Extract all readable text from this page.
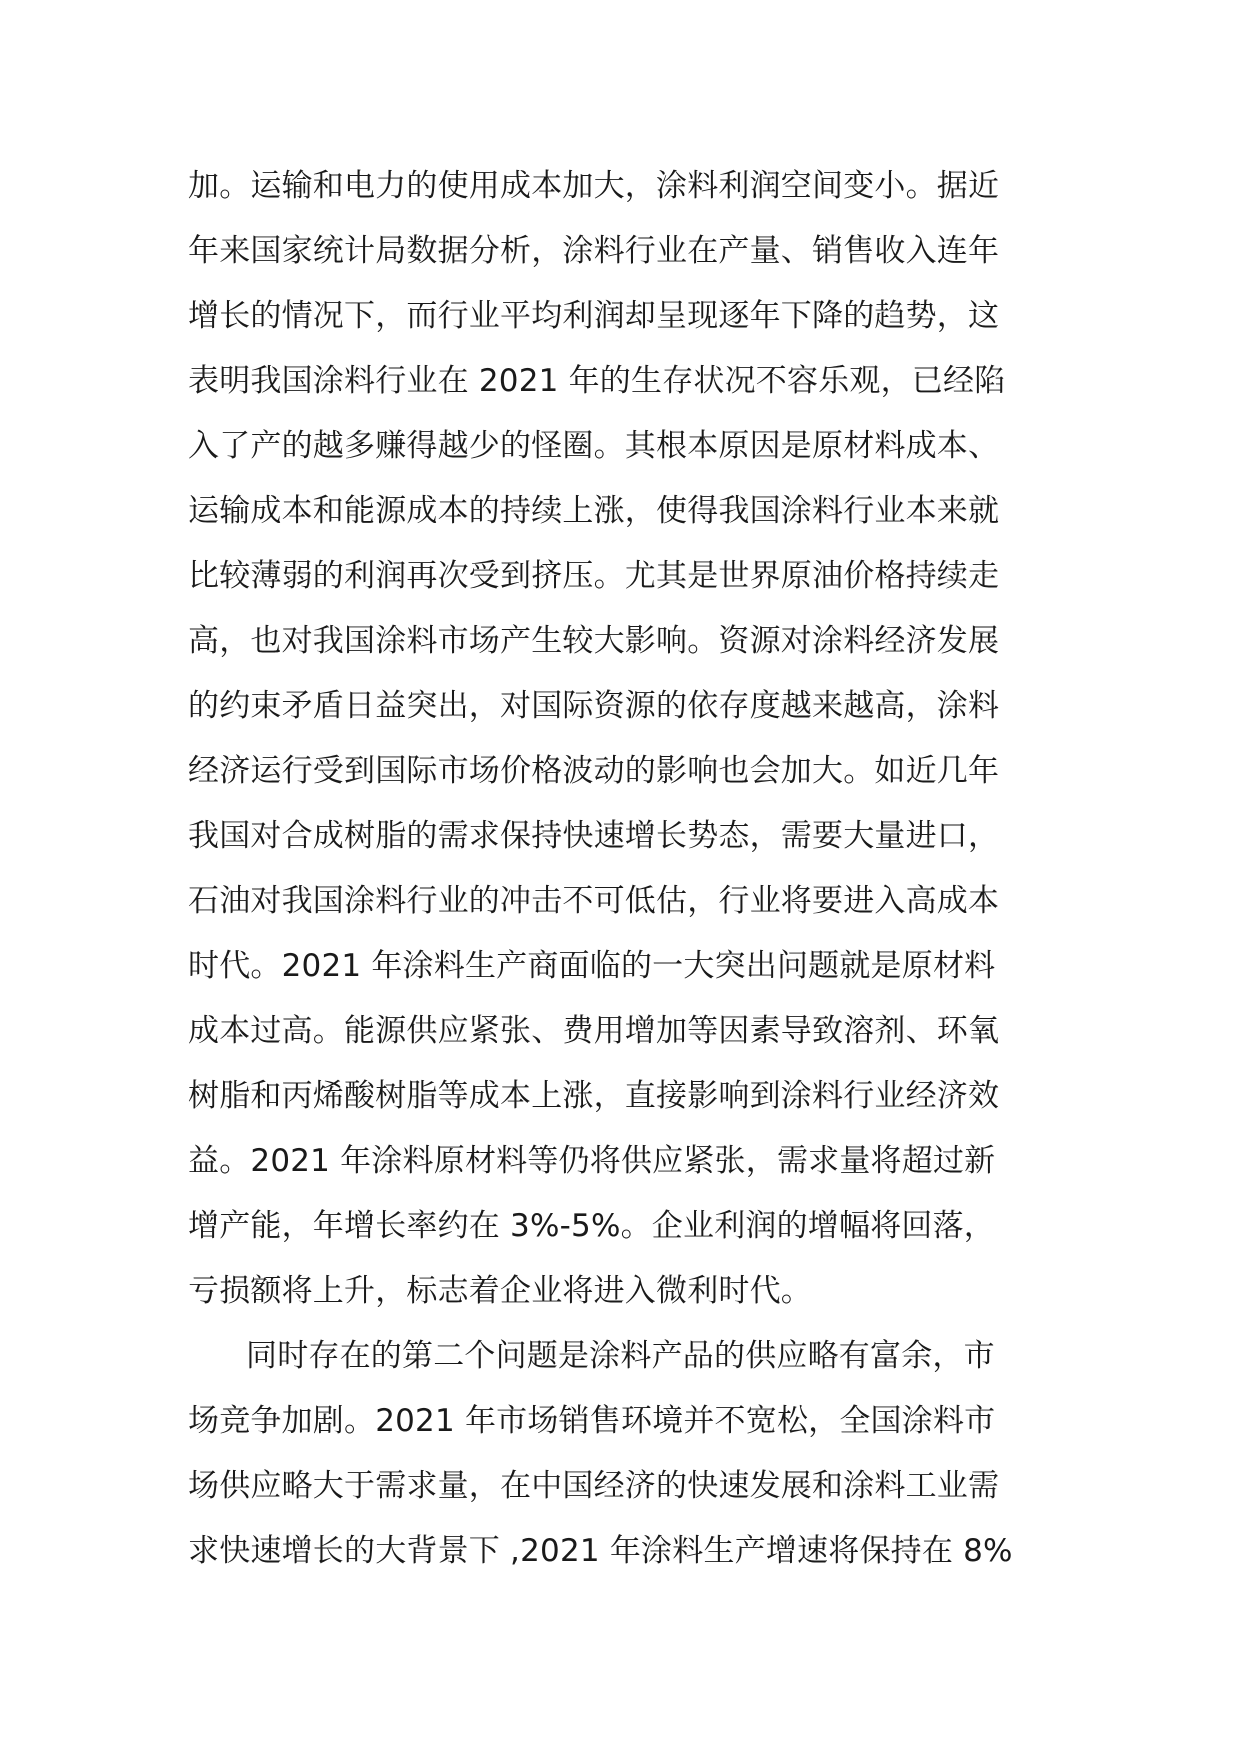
加。运输和电力的使用成本加大，涂料利润空间变小。据近
年来国家统计局数据分析，涂料行业在产量、销售收入连年
增长的情况下，而行业平均利润却呈现逐年下降的趋势，这
表明我国涂料行业在 2021 年的生存状况不容乐观，已经陷
入了产的越多赚得越少的怪圈。其根本原因是原材料成本、
运输成本和能源成本的持续上涨，使得我国涂料行业本来就
比较薄弱的利润再次受到挤压。尤其是世界原油价格持续走
高，也对我国涂料市场产生较大影响。资源对涂料经济发展
的约束矛盾日益突出，对国际资源的依存度越来越高，涂料
经济运行受到国际市场价格波动的影响也会加大。如近几年
我国对合成树脂的需求保持快速增长势态，需要大量进口，
石油对我国涂料行业的冲击不可低估，行业将要进入高成本
时代。2021 年涂料生产商面临的一大突出问题就是原材料
成本过高。能源供应紧张、费用增加等因素导致溶剂、环氧
树脂和丙烯酸树脂等成本上涨，直接影响到涂料行业经济效
益。2021 年涂料原材料等仍将供应紧张，需求量将超过新
增产能，年增长率约在 3%-5%。企业利润的增幅将回落，
亏损额将上升，标志着企业将进入微利时代。
同时存在的第二个问题是涂料产品的供应略有富余，市
场竞争加剧。2021 年市场销售环境并不宽松，全国涂料市
场供应略大于需求量，在中国经济的快速发展和涂料工业需
求快速增长的大背景下 ,2021 年涂料生产增速将保持在 8%
